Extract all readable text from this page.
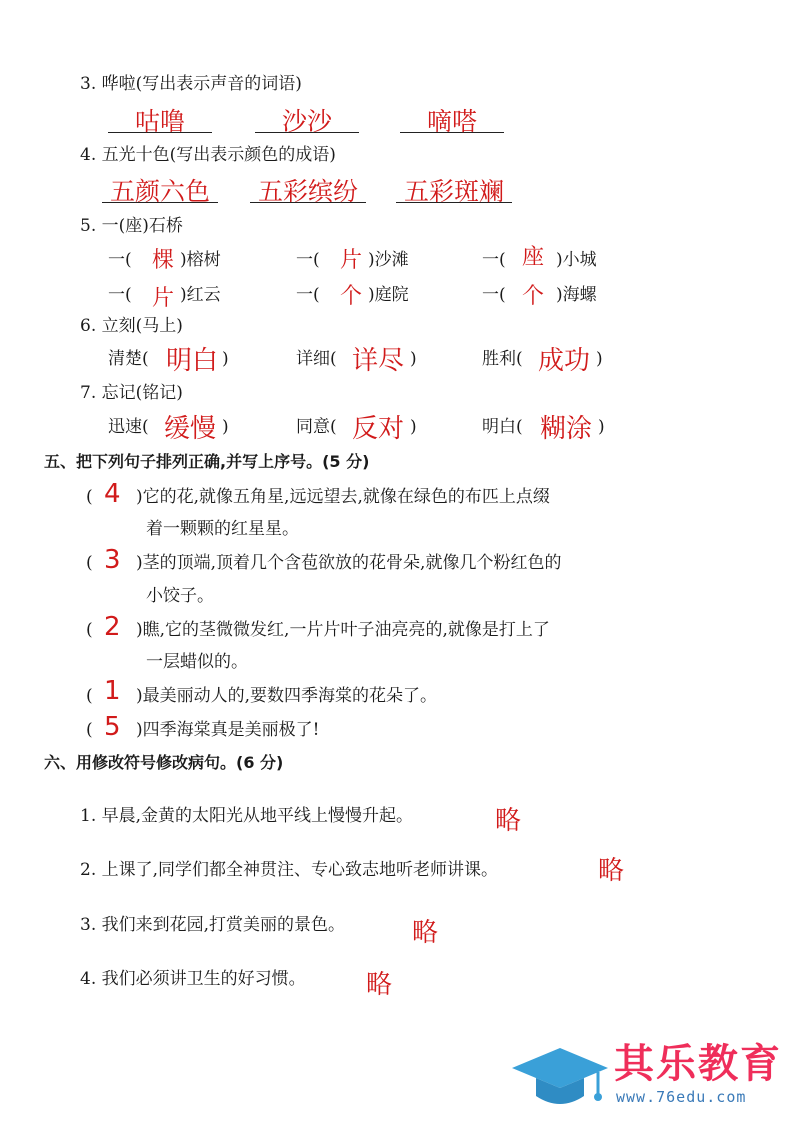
3. 哗啦(写出表示声音的词语)
咕噜	沙沙	嘀嗒
4. 五光十色(写出表示颜色的成语)
五颜六色	五彩缤纷	五彩斑斓
5. 一(座)石桥
一( 棵 )榕树	一( 片 )沙滩	一( 座 )小城
一( 片 )红云	一( 个 )庭院	一( 个 )海螺
6. 立刻(马上)
清楚( 明白 )	详细( 详尽 )	胜利( 成功 )
7. 忘记(铭记)
迅速( 缓慢 )	同意( 反对 )	明白( 糊涂 )
五、把下列句子排列正确,并写上序号。(5 分)
( 4 )它的花,就像五角星,远远望去,就像在绿色的布匹上点缀
着一颗颗的红星星。
( 3 )茎的顶端,顶着几个含苞欲放的花骨朵,就像几个粉红色的
小饺子。
( 2 )瞧,它的茎微微发红,一片片叶子油亮亮的,就像是打上了
一层蜡似的。
( 1 )最美丽动人的,要数四季海棠的花朵了。
( 5 )四季海棠真是美丽极了!
六、用修改符号修改病句。(6 分)
1. 早晨,金黄的太阳光从地平线上慢慢升起。	略
2. 上课了,同学们都全神贯注、专心致志地听老师讲课。	略
3. 我们来到花园,打赏美丽的景色。	略
4. 我们必须讲卫生的好习惯。 略
其乐教育
www.76edu.com
